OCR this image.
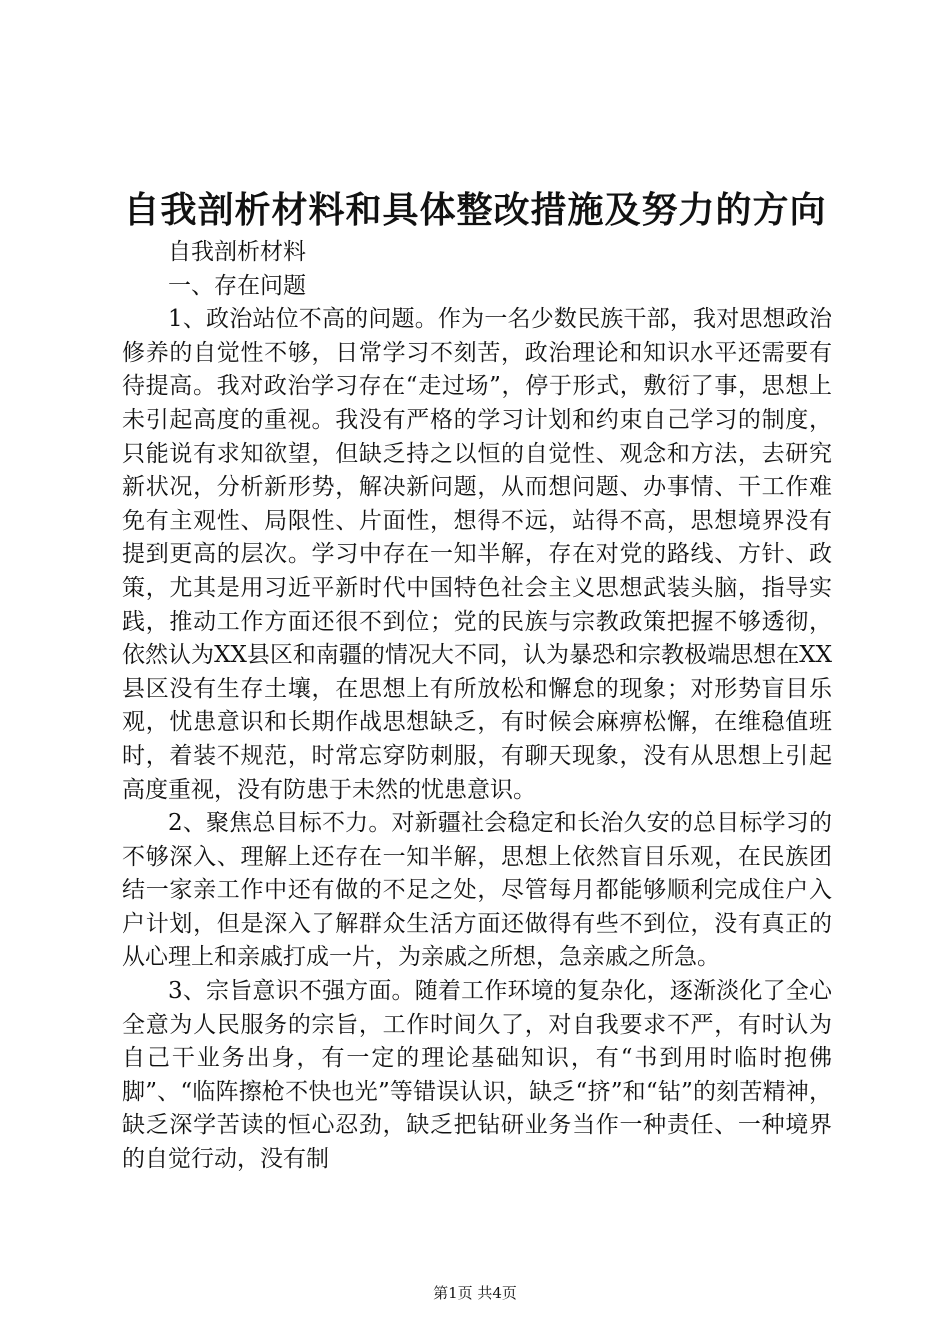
自我剖析材料和具体整改措施及努力的方向

自我剖析材料

一、存在问题

1、政治站位不高的问题。作为一名少数民族干部，我对思想政治修养的自觉性不够，日常学习不刻苦，政治理论和知识水平还需要有待提高。我对政治学习存在“走过场”，停于形式，敷衍了事，思想上未引起高度的重视。我没有严格的学习计划和约束自己学习的制度，只能说有求知欲望，但缺乏持之以恒的自觉性、观念和方法，去研究新状况，分析新形势，解决新问题，从而想问题、办事情、干工作难免有主观性、局限性、片面性，想得不远，站得不高，思想境界没有提到更高的层次。学习中存在一知半解，存在对党的路线、方针、政策，尤其是用习近平新时代中国特色社会主义思想武装头脑，指导实践，推动工作方面还很不到位；党的民族与宗教政策把握不够透彻，依然认为XX县区和南疆的情况大不同，认为暴恐和宗教极端思想在XX县区没有生存土壤，在思想上有所放松和懈怠的现象；对形势盲目乐观，忧患意识和长期作战思想缺乏，有时候会麻痹松懈，在维稳值班时，着装不规范，时常忘穿防刺服，有聊天现象，没有从思想上引起高度重视，没有防患于未然的忧患意识。

2、聚焦总目标不力。对新疆社会稳定和长治久安的总目标学习的不够深入、理解上还存在一知半解，思想上依然盲目乐观，在民族团结一家亲工作中还有做的不足之处，尽管每月都能够顺利完成住户入户计划，但是深入了解群众生活方面还做得有些不到位，没有真正的从心理上和亲戚打成一片，为亲戚之所想，急亲戚之所急。

3、宗旨意识不强方面。随着工作环境的复杂化，逐渐淡化了全心全意为人民服务的宗旨，工作时间久了，对自我要求不严，有时认为自己干业务出身，有一定的理论基础知识，有“书到用时临时抱佛脚”、“临阵擦枪不快也光”等错误认识，缺乏“挤”和“钻”的刻苦精神，缺乏深学苦读的恒心忍劲，缺乏把钻研业务当作一种责任、一种境界的自觉行动，没有制

第1页 共4页
